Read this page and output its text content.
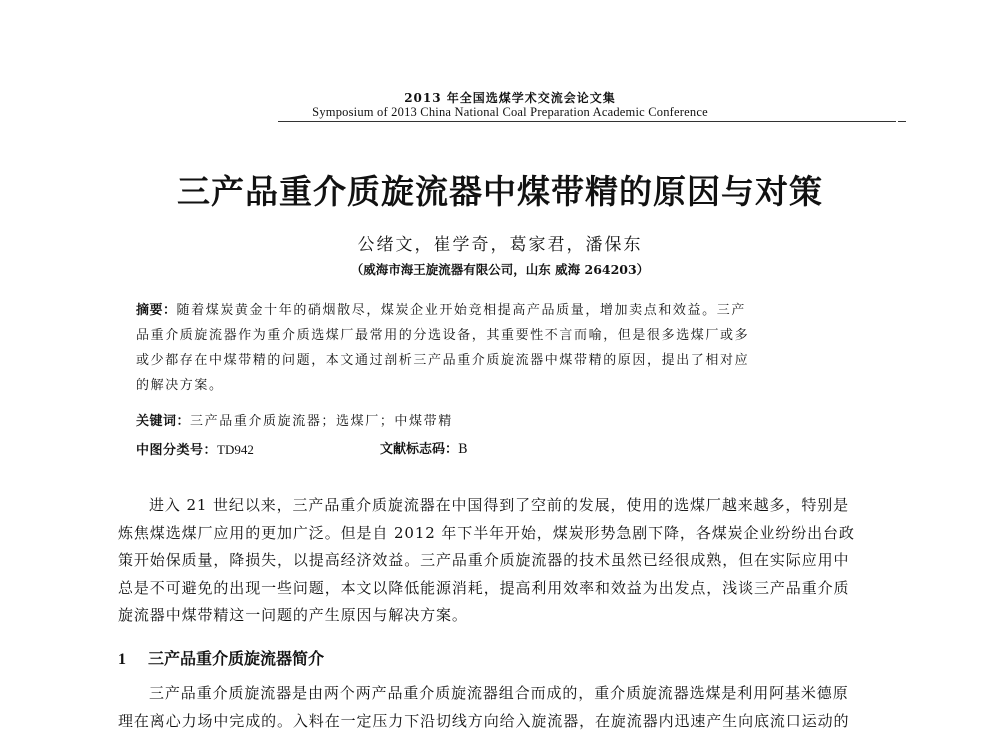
2013 年全国选煤学术交流会论文集
Symposium of 2013 China National Coal Preparation Academic Conference
三产品重介质旋流器中煤带精的原因与对策
公绪文，崔学奇，葛家君，潘保东
（威海市海王旋流器有限公司，山东 威海 264203）
摘要：随着煤炭黄金十年的硝烟散尽，煤炭企业开始竞相提高产品质量，增加卖点和效益。三产
品重介质旋流器作为重介质选煤厂最常用的分选设备，其重要性不言而喻，但是很多选煤厂或多
或少都存在中煤带精的问题，本文通过剖析三产品重介质旋流器中煤带精的原因，提出了相对应
的解决方案。
关键词：三产品重介质旋流器；选煤厂；中煤带精
中图分类号：TD942	文献标志码：B
进入 21 世纪以来，三产品重介质旋流器在中国得到了空前的发展，使用的选煤厂越来越多，特别是
炼焦煤选煤厂应用的更加广泛。但是自 2012 年下半年开始，煤炭形势急剧下降，各煤炭企业纷纷出台政
策开始保质量，降损失，以提高经济效益。三产品重介质旋流器的技术虽然已经很成熟，但在实际应用中
总是不可避免的出现一些问题，本文以降低能源消耗，提高利用效率和效益为出发点，浅谈三产品重介质
旋流器中煤带精这一问题的产生原因与解决方案。
1 三产品重介质旋流器简介
三产品重介质旋流器是由两个两产品重介质旋流器组合而成的，重介质旋流器选煤是利用阿基米德原
理在离心力场中完成的。入料在一定压力下沿切线方向给入旋流器，在旋流器内迅速产生向底流口运动的
